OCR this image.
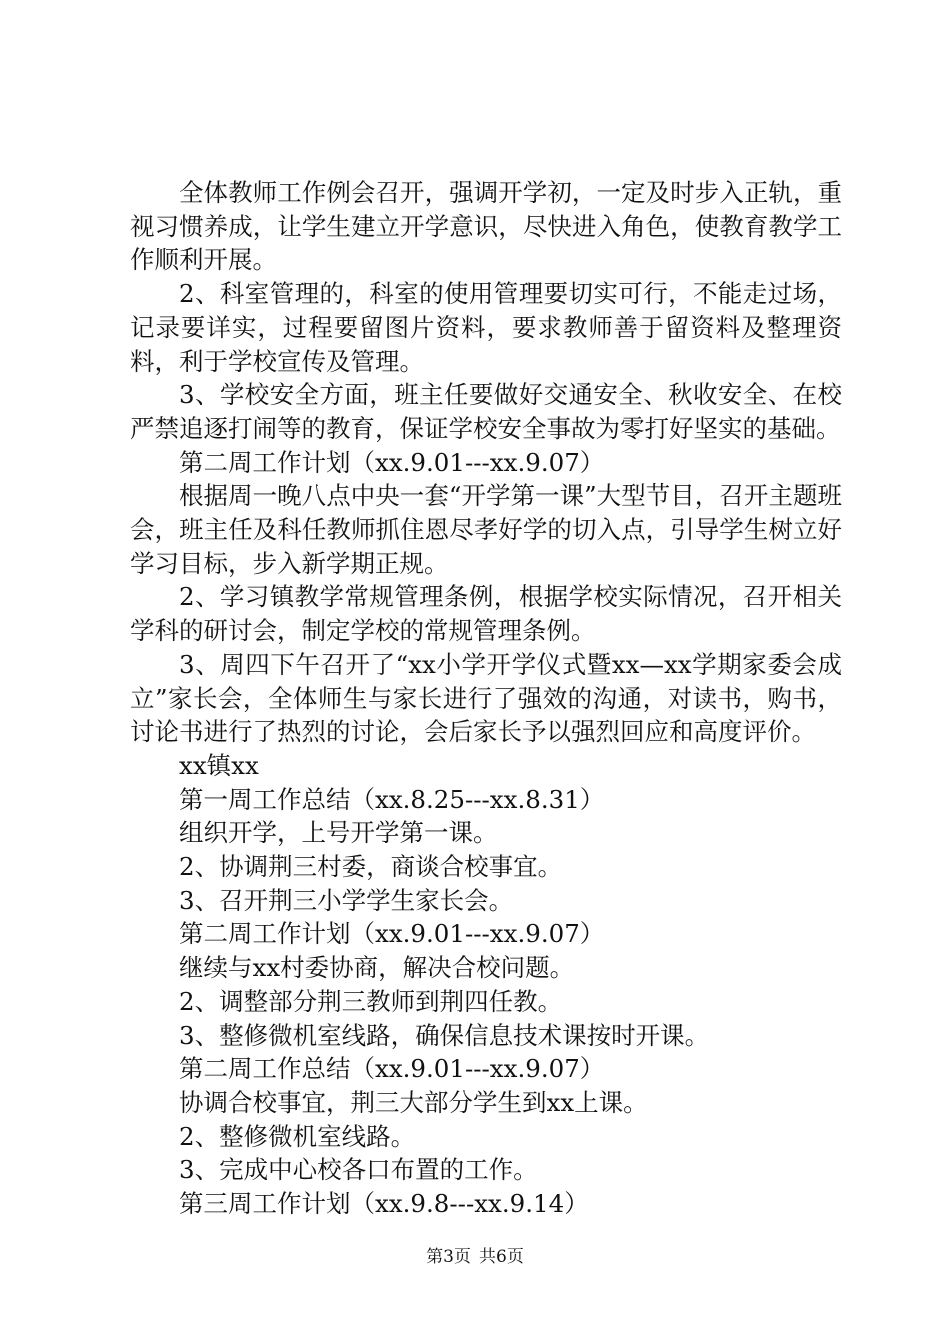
全体教师工作例会召开，强调开学初，一定及时步入正轨，重视习惯养成，让学生建立开学意识，尽快进入角色，使教育教学工作顺利开展。

2、科室管理的，科室的使用管理要切实可行，不能走过场，记录要详实，过程要留图片资料，要求教师善于留资料及整理资料，利于学校宣传及管理。

3、学校安全方面，班主任要做好交通安全、秋收安全、在校严禁追逐打闹等的教育，保证学校安全事故为零打好坚实的基础。

第二周工作计划（xx.9.01---xx.9.07）

根据周一晚八点中央一套“开学第一课”大型节目，召开主题班会，班主任及科任教师抓住恩尽孝好学的切入点，引导学生树立好学习目标，步入新学期正规。

2、学习镇教学常规管理条例，根据学校实际情况，召开相关学科的研讨会，制定学校的常规管理条例。

3、周四下午召开了“xx小学开学仪式暨xx—xx学期家委会成立”家长会，全体师生与家长进行了强效的沟通，对读书，购书，讨论书进行了热烈的讨论，会后家长予以强烈回应和高度评价。

xx镇xx

第一周工作总结（xx.8.25---xx.8.31）

组织开学，上号开学第一课。

2、协调荆三村委，商谈合校事宜。

3、召开荆三小学学生家长会。

第二周工作计划（xx.9.01---xx.9.07）

继续与xx村委协商，解决合校问题。

2、调整部分荆三教师到荆四任教。

3、整修微机室线路，确保信息技术课按时开课。

第二周工作总结（xx.9.01---xx.9.07）

协调合校事宜，荆三大部分学生到xx上课。

2、整修微机室线路。

3、完成中心校各口布置的工作。

第三周工作计划（xx.9.8---xx.9.14）

第3页 共6页
